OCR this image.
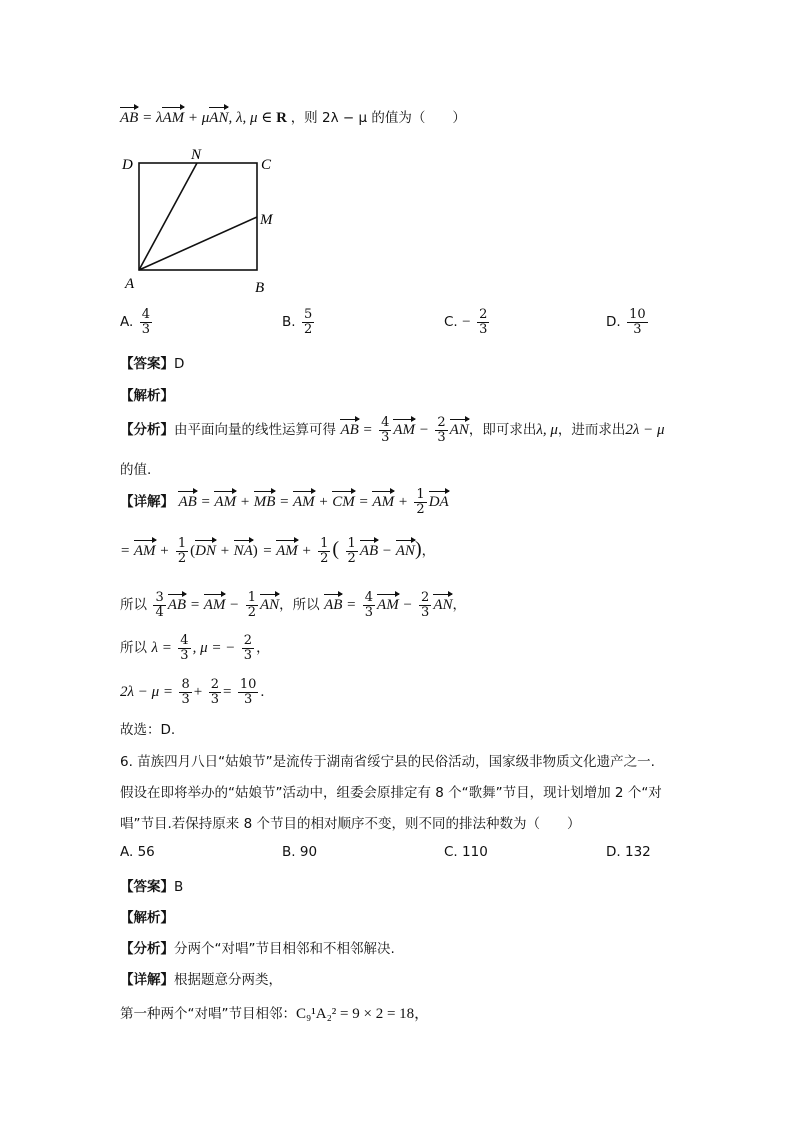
AB = λAM + μAN, λ, μ ∈ R ，则 2λ − μ 的值为（　　）
D
N
C
M
A	B
A. $\frac{4}{3}$	B. $\frac{5}{2}$	C. − $\frac{2}{3}$	D. $\frac{10}{3}$
【答案】D
【解析】
【分析】由平面向量的线性运算可得 AB = $\frac{4}{3}$ AM − $\frac{2}{3}$ AN，即可求出λ, μ，进而求出2λ − μ
的值.
【详解】 AB = AM + MB = AM + CM = AM + $\frac{1}{2}$ DA
= AM + $\frac{1}{2} (DN + NA)$ = AM + $\frac{1}{2}$ ( $\frac{1}{2}$ AB − AN)，
所以 $\frac{3}{4}$ AB = AM − $\frac{1}{2}$ AN，所以 AB = $\frac{4}{3}$ AM − $\frac{2}{3}$ AN，
所以 $\lambda = \frac{4}{3}$ , μ = − $\frac{2}{3}$ ，
$2\lambda - \mu = \frac{8}{3} + \frac{2}{3} = \frac{10}{3}$ .
故选：D.
6. 苗族四月八日“姑娘节”是流传于湖南省绥宁县的民俗活动，国家级非物质文化遗产之一.
假设在即将举办的“姑娘节”活动中，组委会原排定有 8 个“歌舞”节目，现计划增加 2 个“对
唱”节目.若保持原来 8 个节目的相对顺序不变，则不同的排法种数为（　　）
A. 56	B. 90	C. 110	D. 132
【答案】B
【解析】
【分析】分两个“对唱”节目相邻和不相邻解决.
【详解】根据题意分两类，
第一种两个“对唱”节目相邻：C₉¹A₂² = 9 × 2 = 18，
